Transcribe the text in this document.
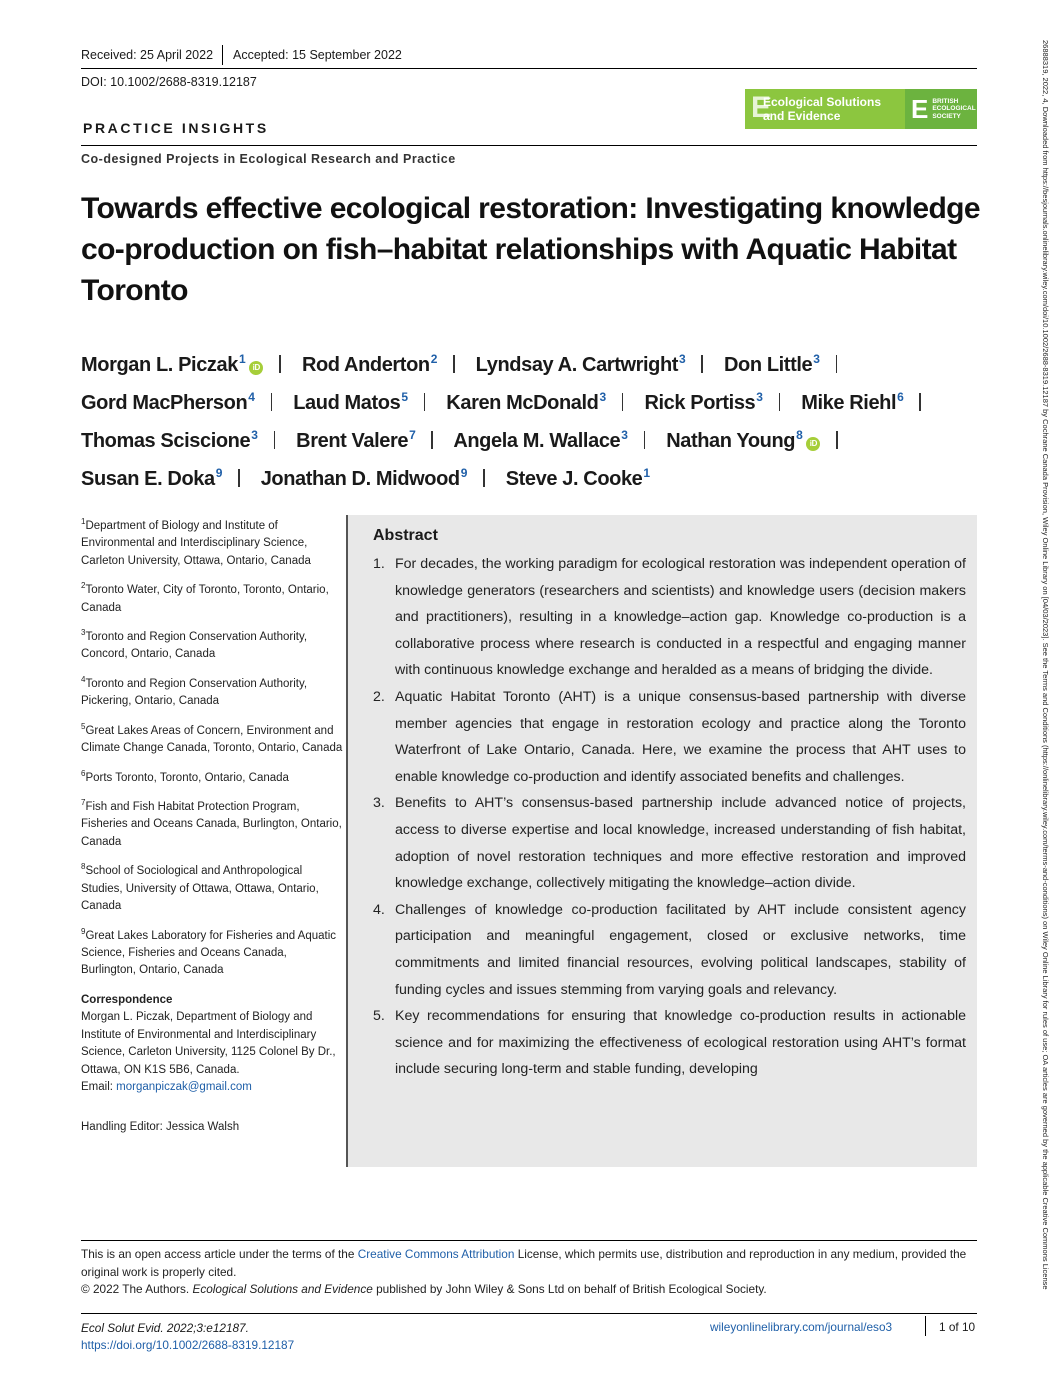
Received: 25 April 2022 Accepted: 15 September 2022
DOI: 10.1002/2688-8319.12187
E
Ecological Solutions
and Evidence	E BRITISH
ECOLOGICAL
SOCIETY
PRACTICE INSIGHTS
Co-designed Projects in Ecological Research and Practice
Towards effective ecological restoration: Investigating knowledge co-production on fish–habitat relationships with Aquatic Habitat Toronto
Morgan L. Piczak$^1$iD Rod Anderton$^2$ Lyndsay A. Cartwright$^3$ Don Little$^3$ Gord MacPherson$^4$ Laud Matos$^5$ Karen McDonald$^3$ Rick Portiss$^3$ Mike Riehl$^6$ Thomas Sciscione$^3$ Brent Valere$^7$ Angela M. Wallace$^3$ Nathan Young$^8$iD Susan E. Doka$^9$ Jonathan D. Midwood$^9$ Steve J. Cooke$^1$
$^1$Department of Biology and Institute of Environmental and Interdisciplinary Science, Carleton University, Ottawa, Ontario, Canada
$^2$Toronto Water, City of Toronto, Toronto, Ontario, Canada
$^3$Toronto and Region Conservation Authority, Concord, Ontario, Canada
$^4$Toronto and Region Conservation Authority, Pickering, Ontario, Canada
$^5$Great Lakes Areas of Concern, Environment and Climate Change Canada, Toronto, Ontario, Canada
$^6$Ports Toronto, Toronto, Ontario, Canada
$^7$Fish and Fish Habitat Protection Program, Fisheries and Oceans Canada, Burlington, Ontario, Canada
$^8$School of Sociological and Anthropological Studies, University of Ottawa, Ottawa, Ontario, Canada
$^9$Great Lakes Laboratory for Fisheries and Aquatic Science, Fisheries and Oceans Canada, Burlington, Ontario, Canada
Correspondence
Morgan L. Piczak, Department of Biology and Institute of Environmental and Interdisciplinary Science, Carleton University, 1125 Colonel By Dr., Ottawa, ON K1S 5B6, Canada.
Email: morganpiczak@gmail.com
Handling Editor: Jessica Walsh
Abstract
1. For decades, the working paradigm for ecological restoration was independent operation of knowledge generators (researchers and scientists) and knowledge users (decision makers and practitioners), resulting in a knowledge–action gap. Knowledge co-production is a collaborative process where research is conducted in a respectful and engaging manner with continuous knowledge exchange and heralded as a means of bridging the divide.
2. Aquatic Habitat Toronto (AHT) is a unique consensus-based partnership with diverse member agencies that engage in restoration ecology and practice along the Toronto Waterfront of Lake Ontario, Canada. Here, we examine the process that AHT uses to enable knowledge co-production and identify associated benefits and challenges.
3. Benefits to AHT’s consensus-based partnership include advanced notice of projects, access to diverse expertise and local knowledge, increased understanding of fish habitat, adoption of novel restoration techniques and more effective restoration and improved knowledge exchange, collectively mitigating the knowledge–action divide.
4. Challenges of knowledge co-production facilitated by AHT include consistent agency participation and meaningful engagement, closed or exclusive networks, time commitments and limited financial resources, evolving political landscapes, stability of funding cycles and issues stemming from varying goals and relevancy.
5. Key recommendations for ensuring that knowledge co-production results in actionable science and for maximizing the effectiveness of ecological restoration using AHT’s format include securing long-term and stable funding, developing
This is an open access article under the terms of the Creative Commons Attribution License, which permits use, distribution and reproduction in any medium, provided the original work is properly cited.
© 2022 The Authors. Ecological Solutions and Evidence published by John Wiley & Sons Ltd on behalf of British Ecological Society.
Ecol Solut Evid. 2022;3:e12187.
https://doi.org/10.1002/2688-8319.12187
wileyonlinelibrary.com/journal/eso3	1 of 10
26888319, 2022, 4, Downloaded from https://besjournals.onlinelibrary.wiley.com/doi/10.1002/2688-8319.12187 by Cochrane Canada Provision, Wiley Online Library on [04/03/2023]. See the Terms and Conditions (https://onlinelibrary.wiley.com/terms-and-conditions) on Wiley Online Library for rules of use; OA articles are governed by the applicable Creative Commons License
